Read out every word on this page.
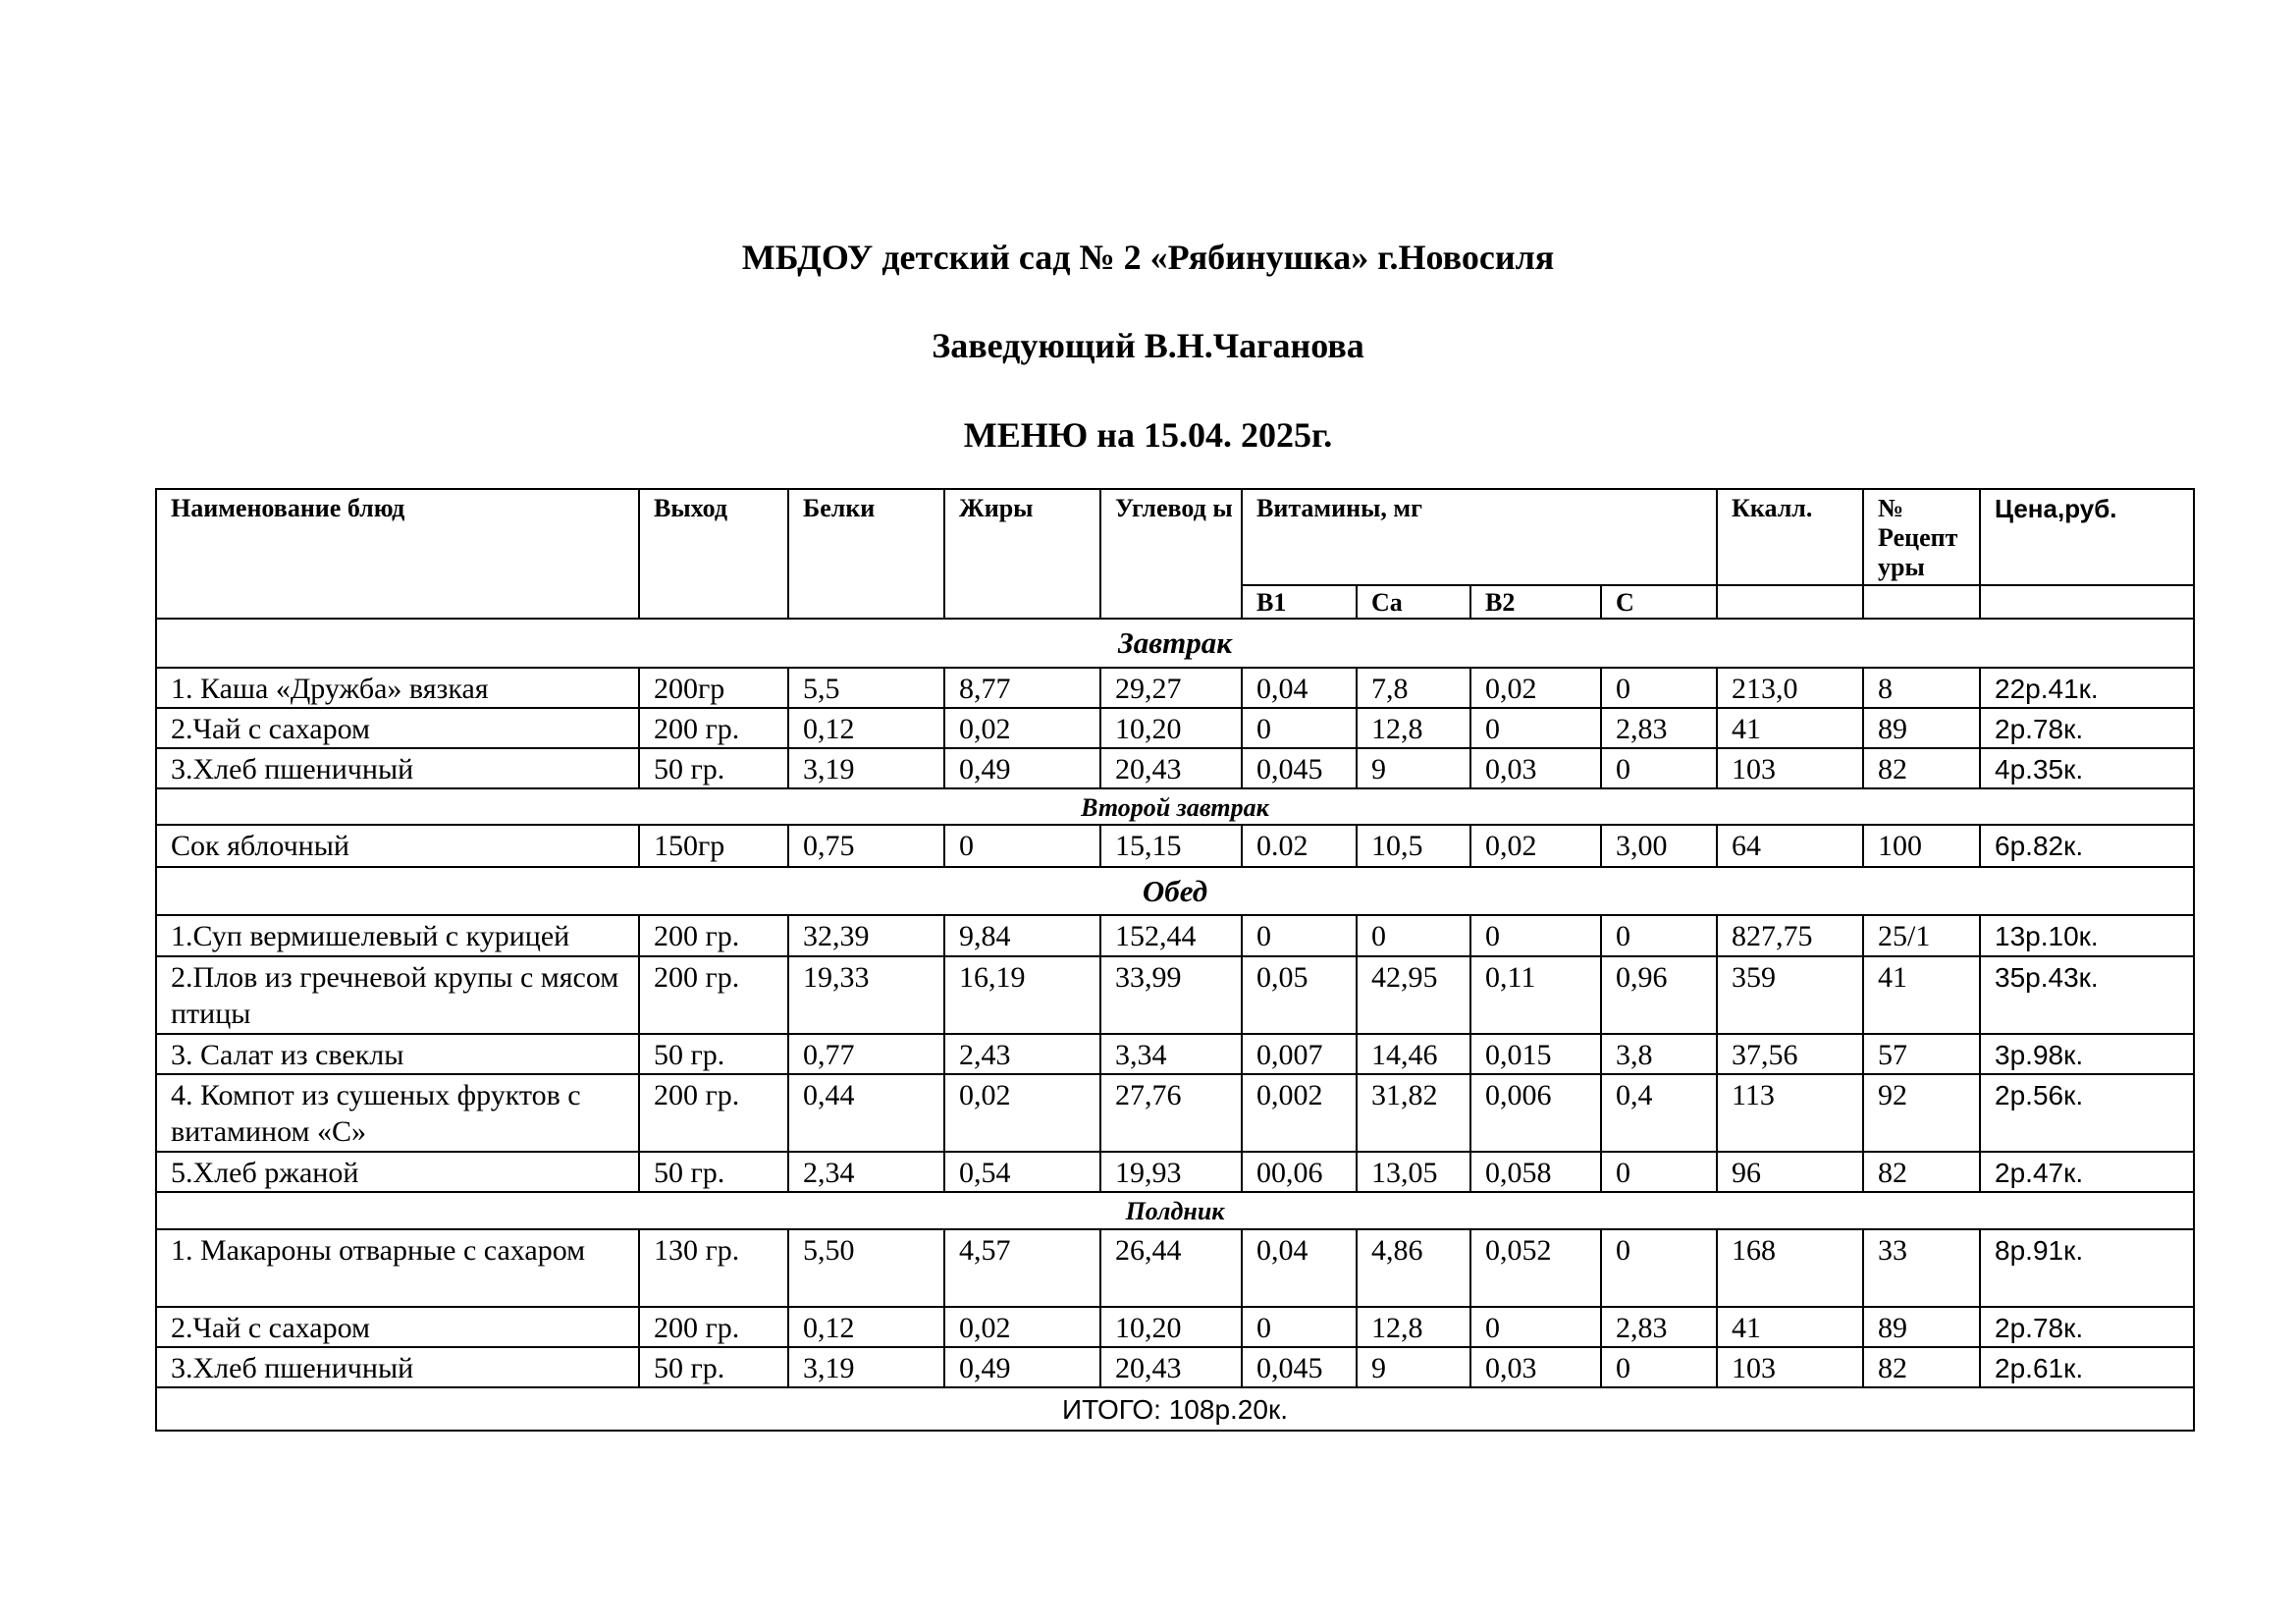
МБДОУ детский сад № 2 «Рябинушка» г.Новосиля
Заведующий В.Н.Чаганова
МЕНЮ на 15.04. 2025г.
Наименование блюд	Выход	Белки	Жиры	Углевод ы	Витамины, мг				Ккалл.	№ Рецепт уры	Цена,руб.
					В1	Са	В2	С			
Завтрак											
1. Каша «Дружба» вязкая	200гр	5,5	8,77	29,27	0,04	7,8	0,02	0	213,0	8	22р.41к.
2.Чай с сахаром	200 гр.	0,12	0,02	10,20	0	12,8	0	2,83	41	89	2р.78к.
3.Хлеб пшеничный	50 гр.	3,19	0,49	20,43	0,045	9	0,03	0	103	82	4р.35к.
Второй завтрак											
Сок яблочный	150гр	0,75	0	15,15	0.02	10,5	0,02	3,00	64	100	6р.82к.
Обед											
1.Суп вермишелевый с курицей	200 гр.	32,39	9,84	152,44	0	0	0	0	827,75	25/1	13р.10к.
2.Плов из гречневой крупы с мясом птицы	200 гр.	19,33	16,19	33,99	0,05	42,95	0,11	0,96	359	41	35р.43к.
3. Салат из свеклы	50 гр.	0,77	2,43	3,34	0,007	14,46	0,015	3,8	37,56	57	3р.98к.
4. Компот из сушеных фруктов с витамином «С»	200 гр.	0,44	0,02	27,76	0,002	31,82	0,006	0,4	113	92	2р.56к.
5.Хлеб ржаной	50 гр.	2,34	0,54	19,93	00,06	13,05	0,058	0	96	82	2р.47к.
Полдник											
1. Макароны отварные с сахаром	130 гр.	5,50	4,57	26,44	0,04	4,86	0,052	0	168	33	8р.91к.
2.Чай с сахаром	200 гр.	0,12	0,02	10,20	0	12,8	0	2,83	41	89	2р.78к.
3.Хлеб пшеничный	50 гр.	3,19	0,49	20,43	0,045	9	0,03	0	103	82	2р.61к.
ИТОГО: 108р.20к.											
